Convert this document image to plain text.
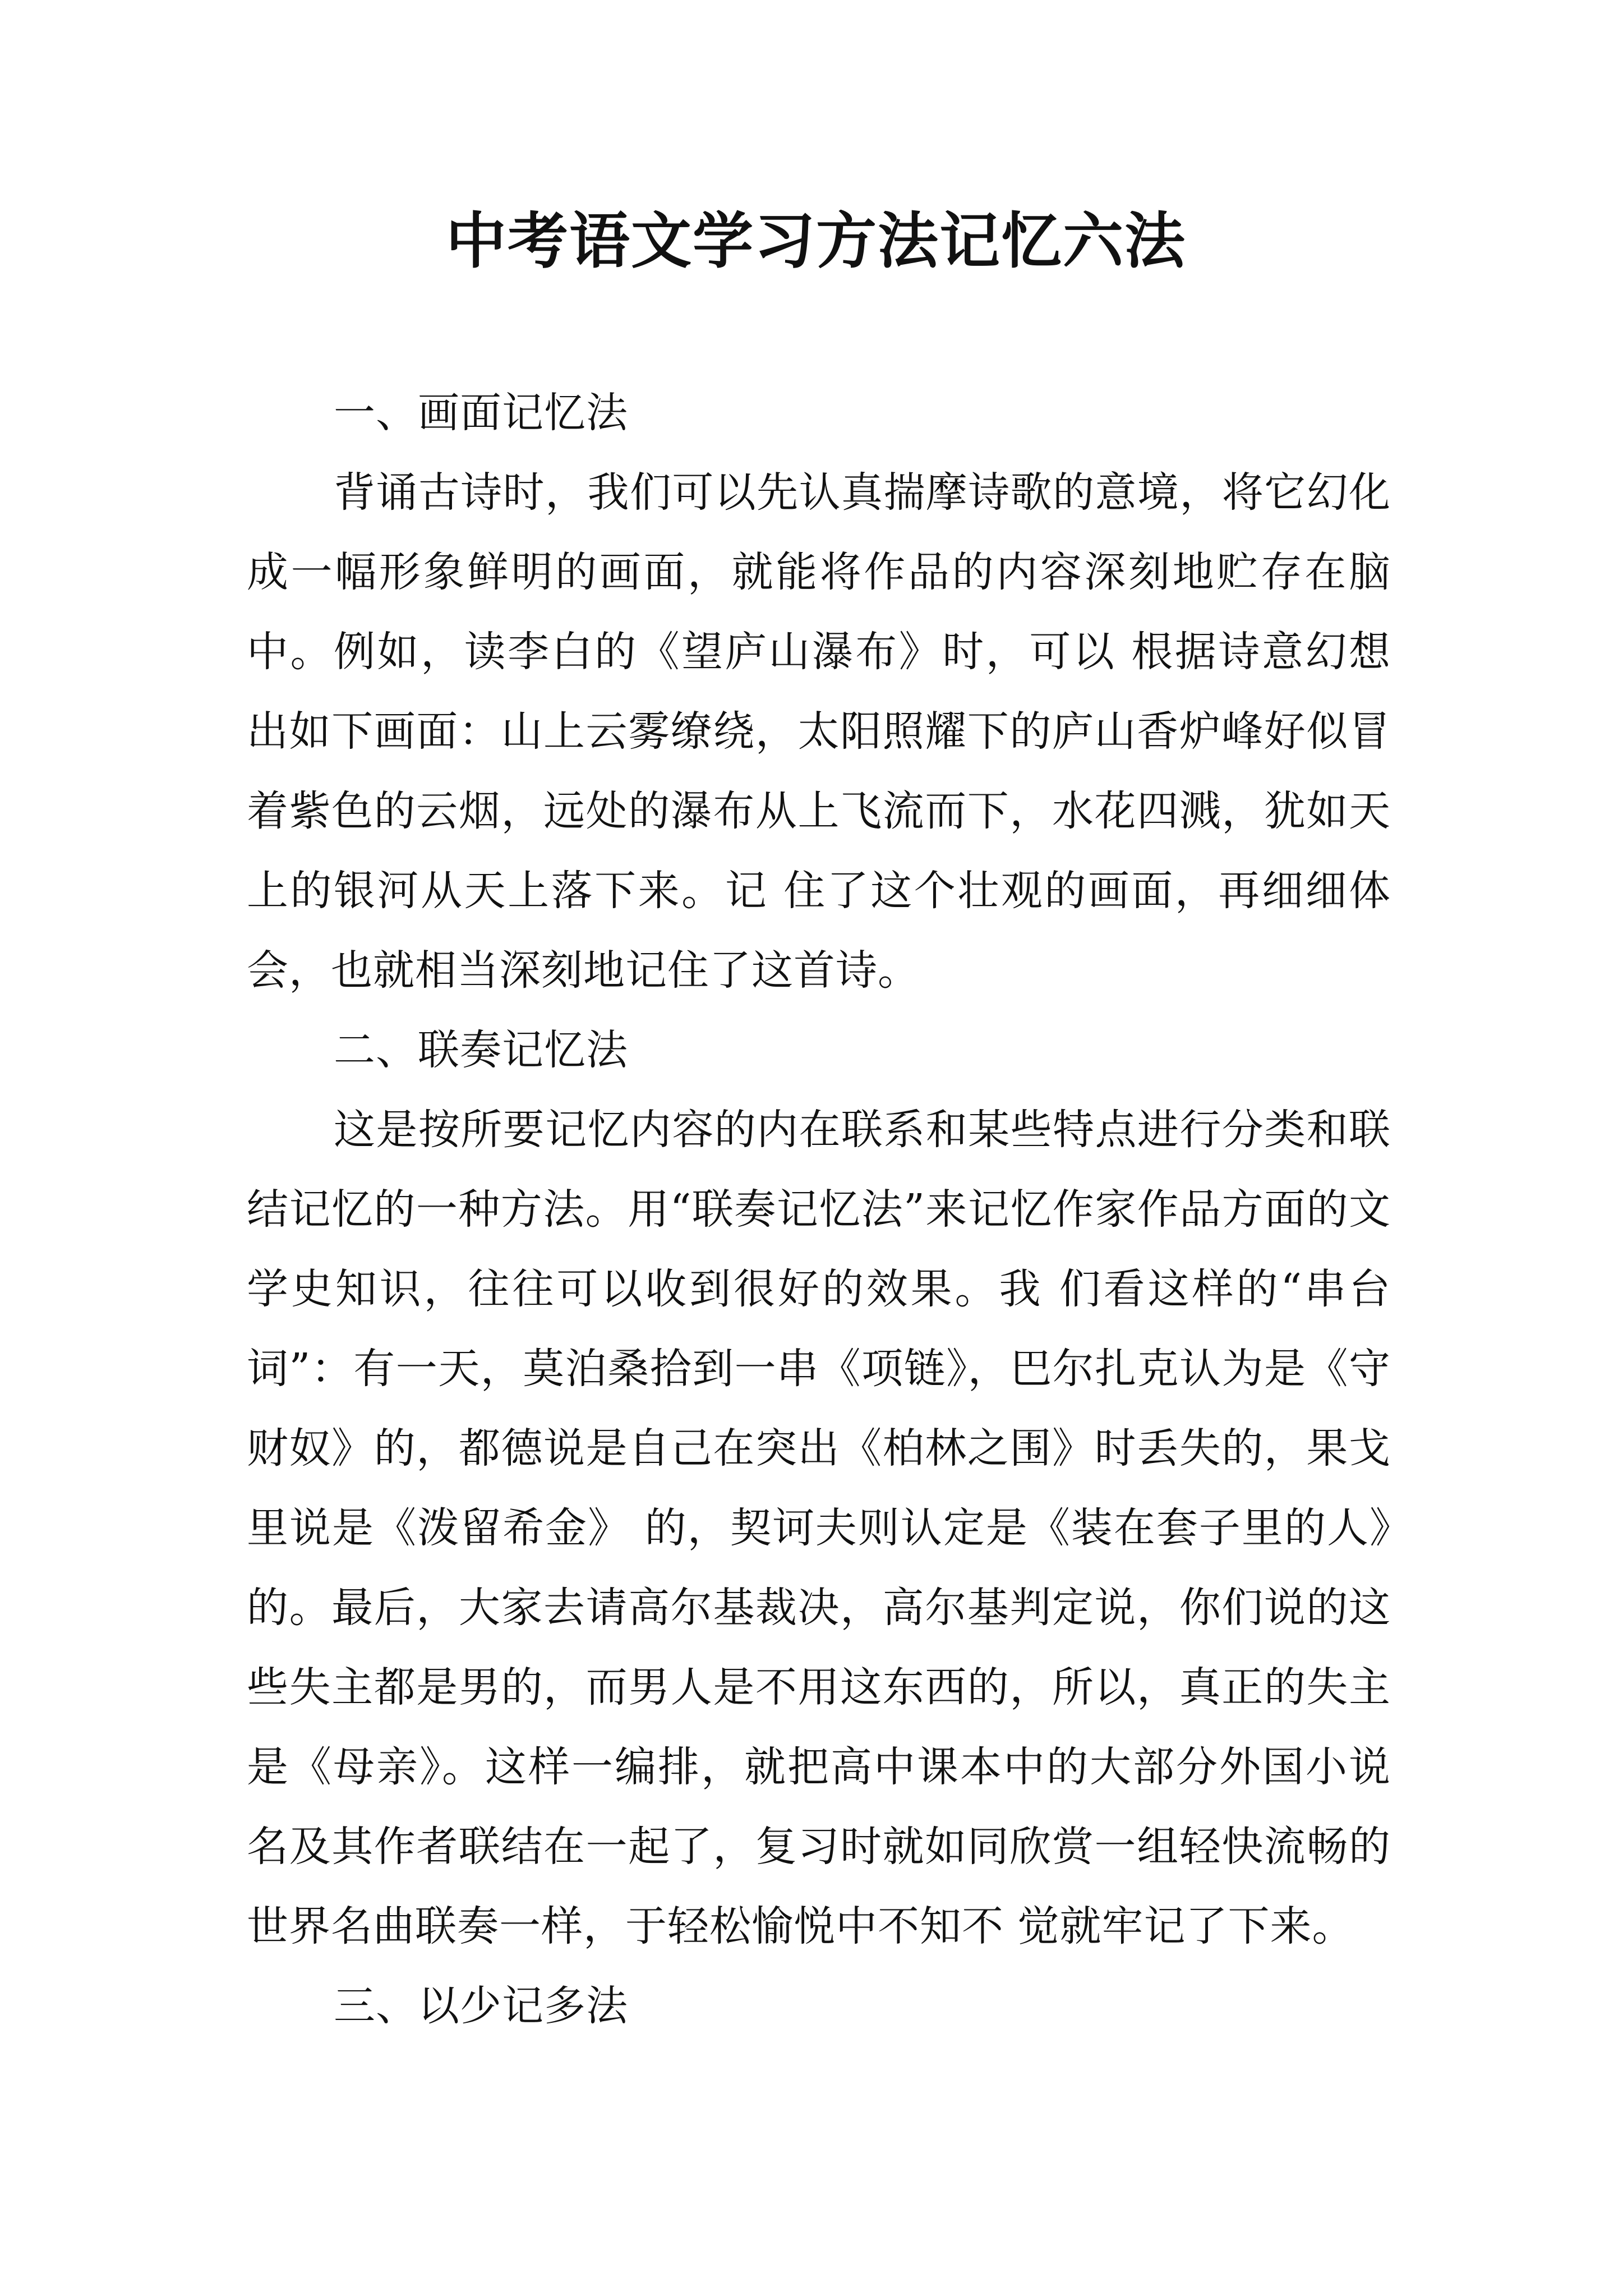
中考语文学习方法记忆六法

一、画面记忆法

背诵古诗时，我们可以先认真揣摩诗歌的意境，将它幻化成一幅形象鲜明的画面，就能将作品的内容深刻地贮存在脑中。例如，读李白的《望庐山瀑布》时，可以 根据诗意幻想出如下画面：山上云雾缭绕，太阳照耀下的庐山香炉峰好似冒着紫色的云烟，远处的瀑布从上飞流而下，水花四溅，犹如天上的银河从天上落下来。记 住了这个壮观的画面，再细细体会，也就相当深刻地记住了这首诗。

二、联奏记忆法

这是按所要记忆内容的内在联系和某些特点进行分类和联结记忆的一种方法。用“联奏记忆法”来记忆作家作品方面的文学史知识，往往可以收到很好的效果。我 们看这样的“串台词”：有一天，莫泊桑拾到一串《项链》，巴尔扎克认为是《守财奴》的，都德说是自己在突出《柏林之围》时丢失的，果戈里说是《泼留希金》 的，契诃夫则认定是《装在套子里的人》的。最后，大家去请高尔基裁决，高尔基判定说，你们说的这些失主都是男的，而男人是不用这东西的，所以，真正的失主 是《母亲》。这样一编排，就把高中课本中的大部分外国小说名及其作者联结在一起了，复习时就如同欣赏一组轻快流畅的世界名曲联奏一样，于轻松愉悦中不知不 觉就牢记了下来。

三、以少记多法
